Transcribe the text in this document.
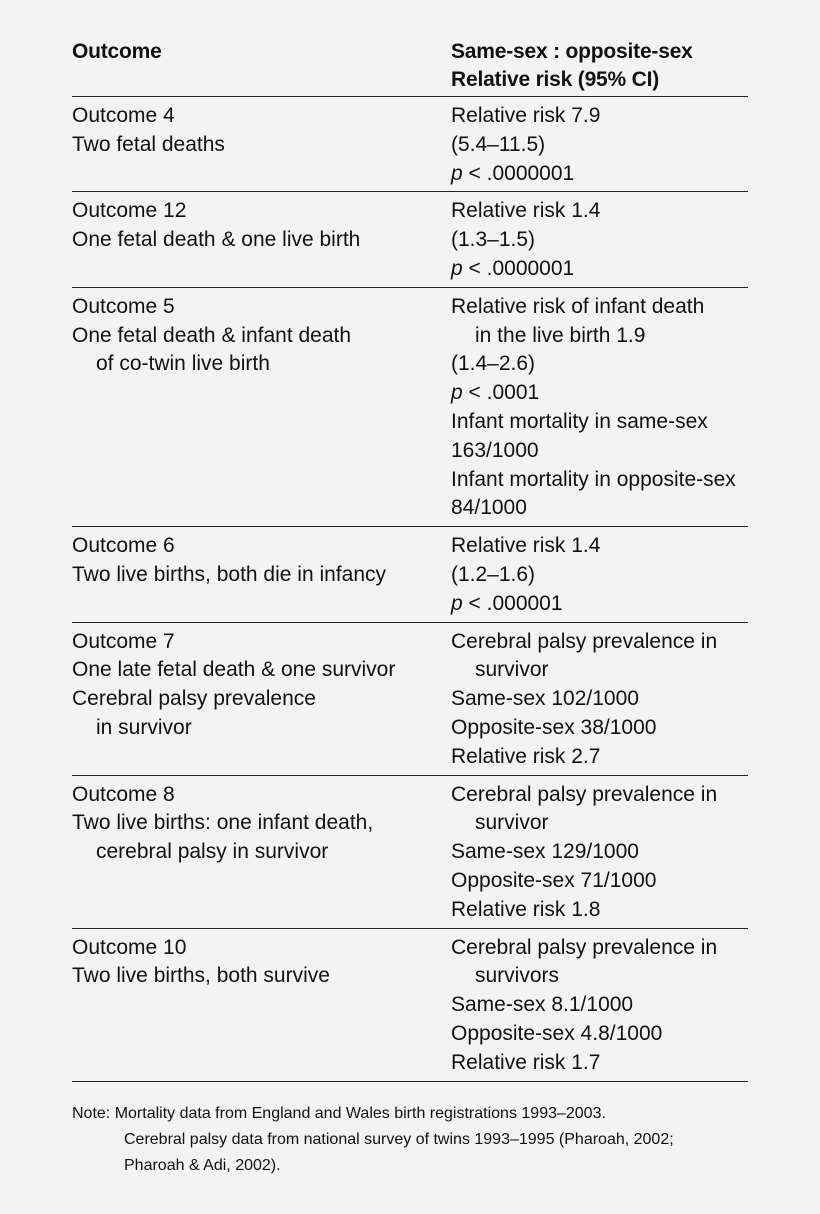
Outcome	Same-sex : opposite-sex
Relative risk (95% CI)
Outcome 4
Two fetal deaths
Relative risk 7.9
(5.4–11.5)
p < .0000001
Outcome 12
One fetal death & one live birth
Relative risk 1.4
(1.3–1.5)
p < .0000001
Outcome 5
One fetal death & infant death
of co-twin live birth
Relative risk of infant death
in the live birth 1.9
(1.4–2.6)
p < .0001
Infant mortality in same-sex
163/1000
Infant mortality in opposite-sex
84/1000
Outcome 6
Two live births, both die in infancy
Relative risk 1.4
(1.2–1.6)
p < .000001
Outcome 7
One late fetal death & one survivor
Cerebral palsy prevalence
in survivor
Cerebral palsy prevalence in
survivor
Same-sex 102/1000
Opposite-sex 38/1000
Relative risk 2.7
Outcome 8
Two live births: one infant death,
cerebral palsy in survivor
Cerebral palsy prevalence in
survivor
Same-sex 129/1000
Opposite-sex 71/1000
Relative risk 1.8
Outcome 10
Two live births, both survive
Cerebral palsy prevalence in
survivors
Same-sex 8.1/1000
Opposite-sex 4.8/1000
Relative risk 1.7
Note: Mortality data from England and Wales birth registrations 1993–2003.
Cerebral palsy data from national survey of twins 1993–1995 (Pharoah, 2002;
Pharoah & Adi, 2002).
